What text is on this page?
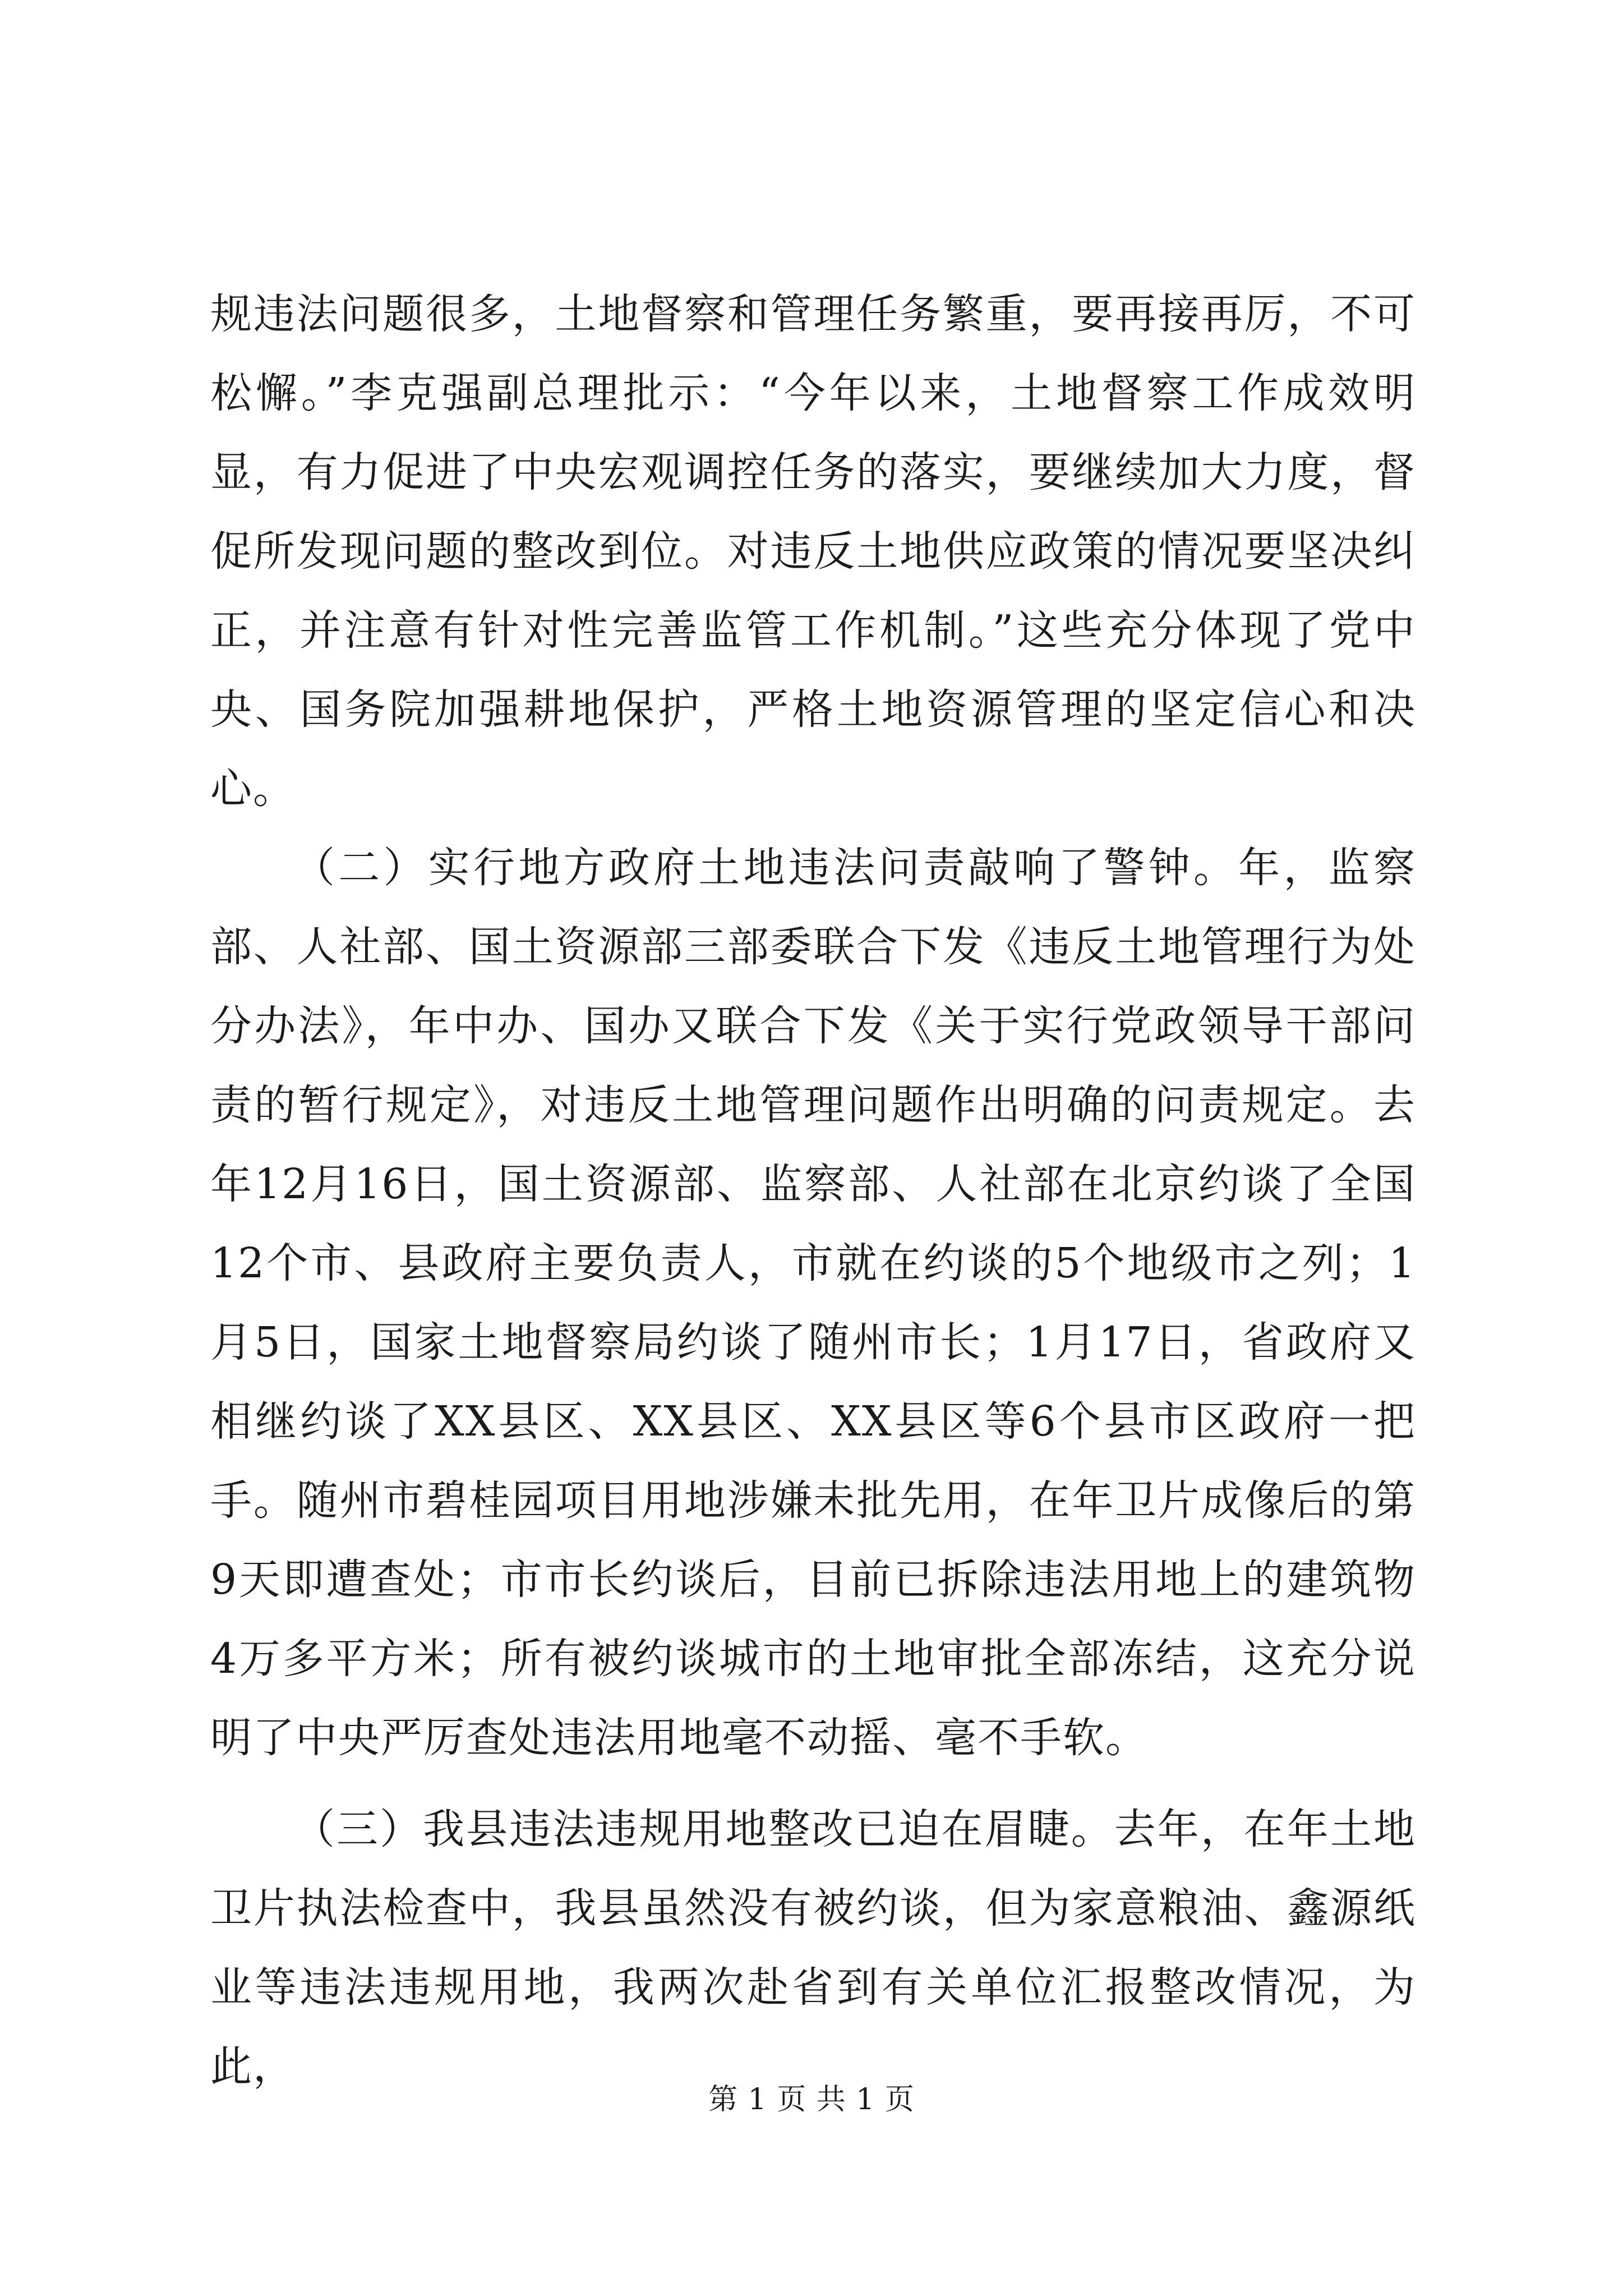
规违法问题很多，土地督察和管理任务繁重，要再接再厉，不可松懈。”李克强副总理批示：“今年以来，土地督察工作成效明显，有力促进了中央宏观调控任务的落实，要继续加大力度，督促所发现问题的整改到位。对违反土地供应政策的情况要坚决纠正，并注意有针对性完善监管工作机制。”这些充分体现了党中央、国务院加强耕地保护，严格土地资源管理的坚定信心和决心。

（二）实行地方政府土地违法问责敲响了警钟。年，监察部、人社部、国土资源部三部委联合下发《违反土地管理行为处分办法》，年中办、国办又联合下发《关于实行党政领导干部问责的暂行规定》，对违反土地管理问题作出明确的问责规定。去年12月16日，国土资源部、监察部、人社部在北京约谈了全国12个市、县政府主要负责人，市就在约谈的5个地级市之列；1月5日，国家土地督察局约谈了随州市长；1月17日，省政府又相继约谈了XX县区、XX县区、XX县区等6个县市区政府一把手。随州市碧桂园项目用地涉嫌未批先用，在年卫片成像后的第9天即遭查处；市市长约谈后，目前已拆除违法用地上的建筑物4万多平方米；所有被约谈城市的土地审批全部冻结，这充分说明了中央严厉查处违法用地毫不动摇、毫不手软。

（三）我县违法违规用地整改已迫在眉睫。去年，在年土地卫片执法检查中，我县虽然没有被约谈，但为家意粮油、鑫源纸业等违法违规用地，我两次赴省到有关单位汇报整改情况，为此，

第 1 页 共 1 页
